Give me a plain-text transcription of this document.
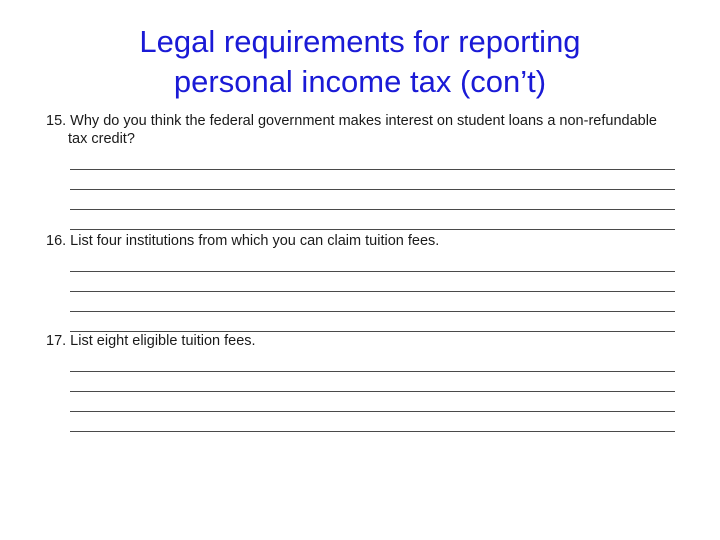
Legal requirements for reporting
personal income tax (con’t)

15. Why do you think the federal government makes interest on student loans a non-refundable tax credit?

16. List four institutions from which you can claim tuition fees.

17. List eight eligible tuition fees.
